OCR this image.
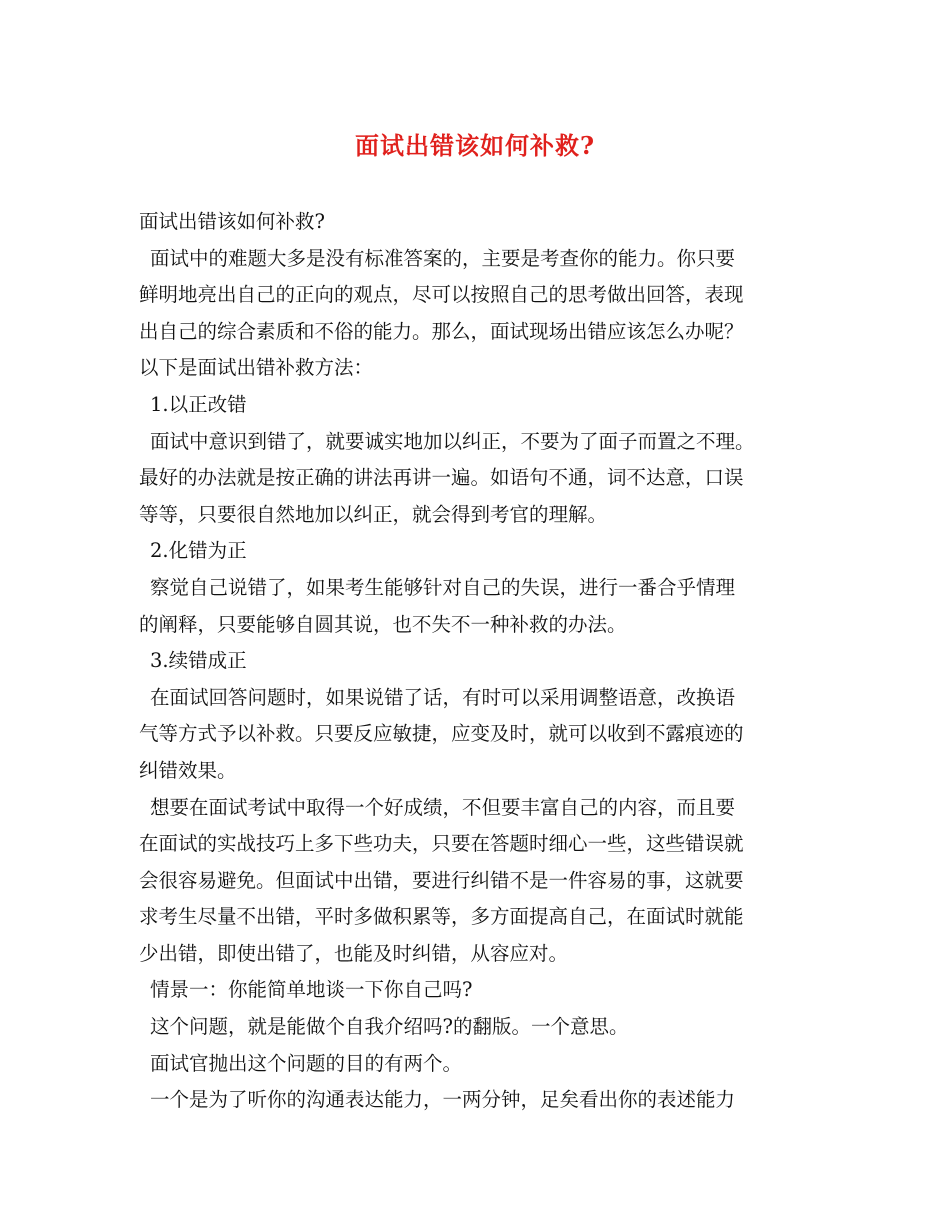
面试出错该如何补救?
面试出错该如何补救?
面试中的难题大多是没有标准答案的，主要是考查你的能力。你只要
鲜明地亮出自己的正向的观点，尽可以按照自己的思考做出回答，表现
出自己的综合素质和不俗的能力。那么，面试现场出错应该怎么办呢？
以下是面试出错补救方法：
1.以正改错
面试中意识到错了，就要诚实地加以纠正，不要为了面子而置之不理。
最好的办法就是按正确的讲法再讲一遍。如语句不通，词不达意，口误
等等，只要很自然地加以纠正，就会得到考官的理解。
2.化错为正
察觉自己说错了，如果考生能够针对自己的失误，进行一番合乎情理
的阐释，只要能够自圆其说，也不失不一种补救的办法。
3.续错成正
在面试回答问题时，如果说错了话，有时可以采用调整语意，改换语
气等方式予以补救。只要反应敏捷，应变及时，就可以收到不露痕迹的
纠错效果。
想要在面试考试中取得一个好成绩，不但要丰富自己的内容，而且要
在面试的实战技巧上多下些功夫，只要在答题时细心一些，这些错误就
会很容易避免。但面试中出错，要进行纠错不是一件容易的事，这就要
求考生尽量不出错，平时多做积累等，多方面提高自己，在面试时就能
少出错，即使出错了，也能及时纠错，从容应对。
情景一：你能简单地谈一下你自己吗?
这个问题，就是能做个自我介绍吗?的翻版。一个意思。
面试官抛出这个问题的目的有两个。
一个是为了听你的沟通表达能力，一两分钟，足矣看出你的表述能力
